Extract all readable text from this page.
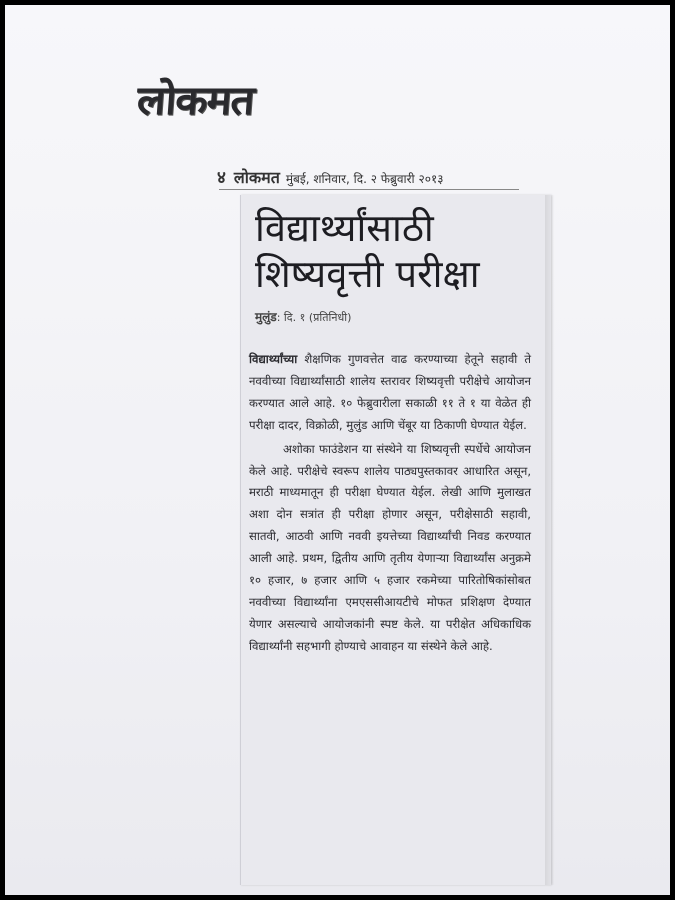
लोकमत
४ लोकमत मुंबई, शनिवार, दि. २ फेब्रुवारी २०१३
विद्यार्थ्यांसाठी
शिष्यवृत्ती परीक्षा
मुलुंड: दि. १ (प्रतिनिधी)

विद्यार्थ्यांच्या शैक्षणिक गुणवत्तेत वाढ करण्याच्या हेतूने सहावी ते नववीच्या विद्यार्थ्यांसाठी शालेय स्तरावर शिष्यवृत्ती परीक्षेचे आयोजन करण्यात आले आहे. १० फेब्रुवारीला सकाळी ११ ते १ या वेळेत ही परीक्षा दादर, विक्रोळी, मुलुंड आणि चेंबूर या ठिकाणी घेण्यात येईल.

अशोका फाउंडेशन या संस्थेने या शिष्यवृत्ती स्पर्धेचे आयोजन केले आहे. परीक्षेचे स्वरूप शालेय पाठ्यपुस्तकावर आधारित असून, मराठी माध्यमातून ही परीक्षा घेण्यात येईल. लेखी आणि मुलाखत अशा दोन सत्रांत ही परीक्षा होणार असून, परीक्षेसाठी सहावी, सातवी, आठवी आणि नववी इयत्तेच्या विद्यार्थ्यांची निवड करण्यात आली आहे. प्रथम, द्वितीय आणि तृतीय येणाऱ्या विद्यार्थ्यांस अनुक्रमे १० हजार, ७ हजार आणि ५ हजार रकमेच्या पारितोषिकांसोबत नववीच्या विद्यार्थ्यांना एमएससीआयटीचे मोफत प्रशिक्षण देण्यात येणार असल्याचे आयोजकांनी स्पष्ट केले. या परीक्षेत अधिकाधिक विद्यार्थ्यांनी सहभागी होण्याचे आवाहन या संस्थेने केले आहे.
